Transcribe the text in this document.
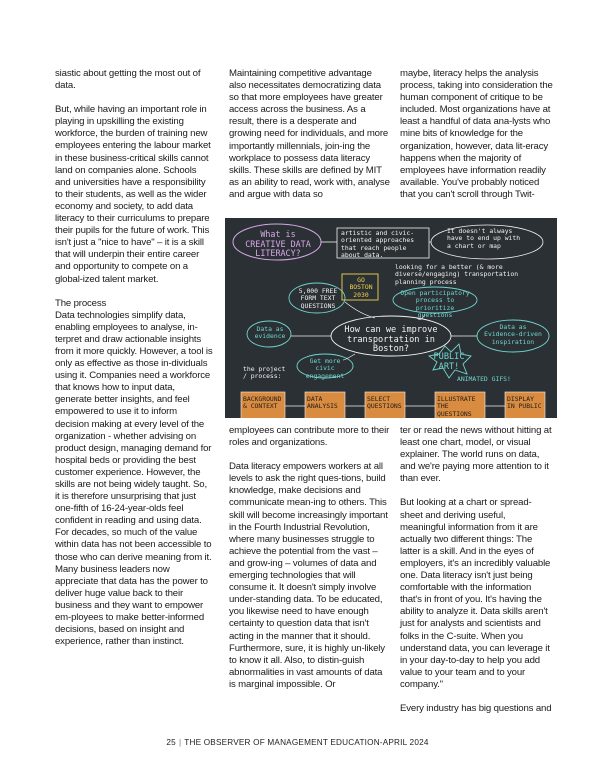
siastic about getting the most out of data.

But, while having an important role in playing in upskilling the existing workforce, the burden of training new employees entering the labour market in these business-critical skills cannot land on companies alone. Schools and universities have a responsibility to their students, as well as the wider economy and society, to add data literacy to their curriculums to prepare their pupils for the future of work. This isn't just a "nice to have" – it is a skill that will underpin their entire career and opportunity to compete on a global-ized talent market.

The process

Data technologies simplify data, enabling employees to analyse, in-terpret and draw actionable insights from it more quickly. However, a tool is only as effective as those in-dividuals using it. Companies need a workforce that knows how to input data, generate better insights, and feel empowered to use it to inform decision making at every level of the organization - whether advising on product design, managing demand for hospital beds or providing the best customer experience. However, the skills are not being widely taught. So, it is therefore unsurprising that just one-fifth of 16-24-year-olds feel confident in reading and using data. For decades, so much of the value within data has not been accessible to those who can derive meaning from it. Many business leaders now appreciate that data has the power to deliver huge value back to their business and they want to empower em-ployees to make better-informed decisions, based on insight and experience, rather than instinct.

Maintaining competitive advantage also necessitates democratizing data so that more employees have greater access across the business. As a result, there is a desperate and growing need for individuals, and more importantly millennials, join-ing the workplace to possess data literacy skills. These skills are defined by MIT as an ability to read, work with, analyse and argue with data so

maybe, literacy helps the analysis process, taking into consideration the human component of critique to be included. Most organizations have at least a handful of data ana-lysts who mine bits of knowledge for the organization, however, data lit-eracy happens when the majority of employees have information readily available. You've probably noticed that you can't scroll through Twit-

What is CREATIVE DATA LITERACY?
artistic and civic-oriented approaches that reach people about data.
It doesn't always have to end up with a chart or map
looking for a better (& more diverse/engaging) transportation planning process
GO BOSTON 2030
5,000 FREE FORM TEXT QUESTIONS
How can we improve transportation in Boston?
Open participatory process to prioritize questions
Data as evidence
Data as Evidence-driven inspiration
Get more civic engagement
PUBLIC ART!
ANIMATED GIFS!
the project / process:
BACKGROUND & CONTEXT
DATA ANALYSIS
SELECT QUESTIONS
ILLUSTRATE THE QUESTIONS
DISPLAY IN PUBLIC

employees can contribute more to their roles and organizations.

Data literacy empowers workers at all levels to ask the right ques-tions, build knowledge, make decisions and communicate mean-ing to others. This skill will become increasingly important in the Fourth Industrial Revolution, where many businesses struggle to achieve the potential from the vast – and grow-ing – volumes of data and emerging technologies that will consume it. It doesn't simply involve under-standing data. To be educated, you likewise need to have enough certainty to question data that isn't acting in the manner that it should. Furthermore, sure, it is highly un-likely to know it all. Also, to distin-guish abnormalities in vast amounts of data is marginal impossible. Or

ter or read the news without hitting at least one chart, model, or visual explainer. The world runs on data, and we're paying more attention to it than ever.

But looking at a chart or spread-sheet and deriving useful, meaningful information from it are actually two different things: The latter is a skill. And in the eyes of employers, it's an incredibly valuable one. Data literacy isn't just being comfortable with the information that's in front of you. It's having the ability to analyze it. Data skills aren't just for analysts and scientists and folks in the C-suite. When you understand data, you can leverage it in your day-to-day to help you add value to your team and to your company."

Every industry has big questions and

25 | THE OBSERVER OF MANAGEMENT EDUCATION-APRIL 2024
